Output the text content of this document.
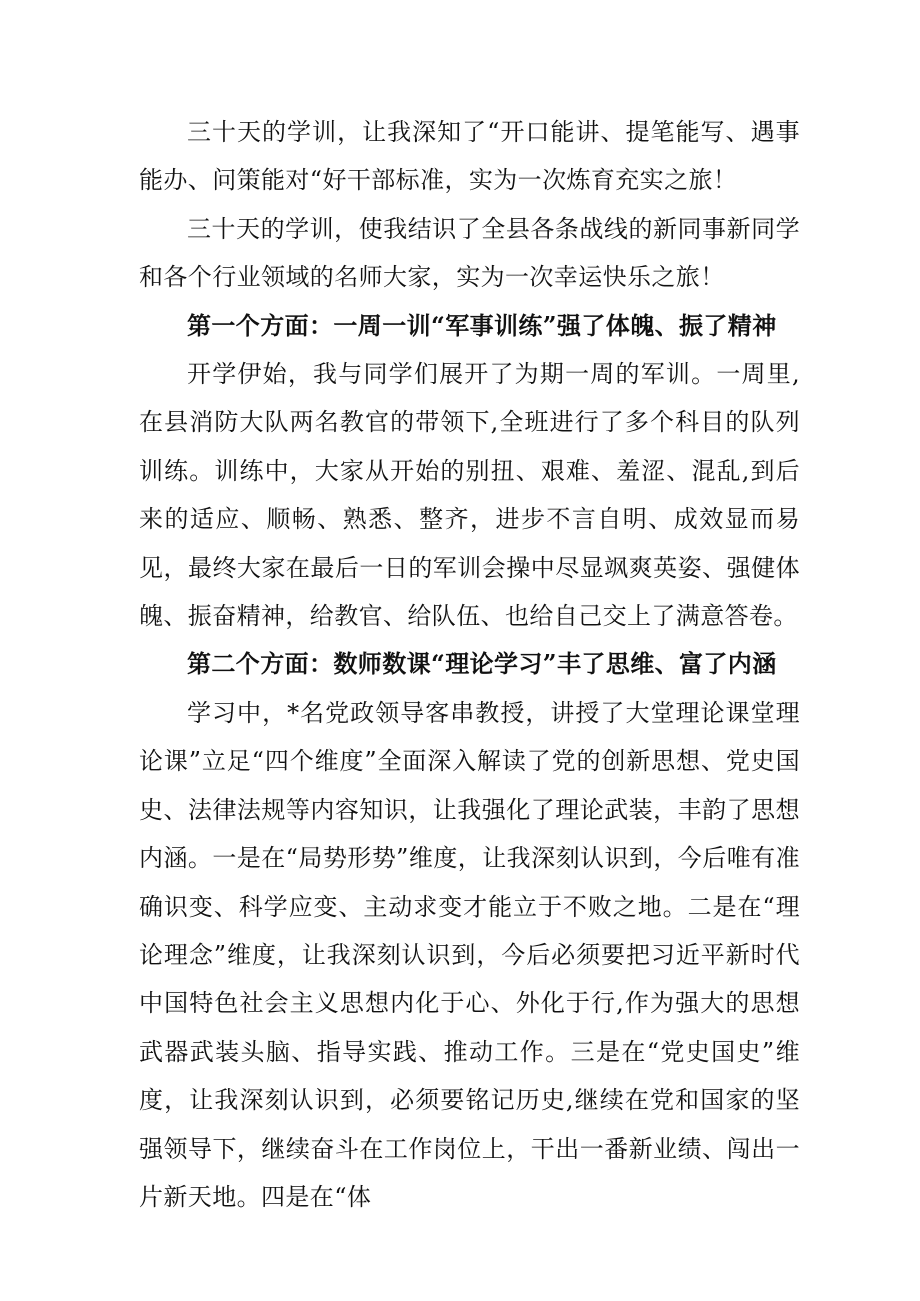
三十天的学训，让我深知了“开口能讲、提笔能写、遇事能办、问策能对“好干部标准，实为一次炼育充实之旅！

三十天的学训，使我结识了全县各条战线的新同事新同学和各个行业领域的名师大家，实为一次幸运快乐之旅！

第一个方面：一周一训“军事训练”强了体魄、振了精神

开学伊始，我与同学们展开了为期一周的军训。一周里,在县消防大队两名教官的带领下,全班进行了多个科目的队列训练。训练中，大家从开始的别扭、艰难、羞涩、混乱,到后来的适应、顺畅、熟悉、整齐，进步不言自明、成效显而易见，最终大家在最后一日的军训会操中尽显飒爽英姿、强健体魄、振奋精神，给教官、给队伍、也给自己交上了满意答卷。

第二个方面：数师数课“理论学习”丰了思维、富了内涵

学习中，*名党政领导客串教授，讲授了大堂理论课堂理论课”立足“四个维度”全面深入解读了党的创新思想、党史国史、法律法规等内容知识，让我强化了理论武装，丰韵了思想内涵。一是在“局势形势”维度，让我深刻认识到，今后唯有准确识变、科学应变、主动求变才能立于不败之地。二是在“理论理念”维度，让我深刻认识到，今后必须要把习近平新时代中国特色社会主义思想内化于心、外化于行,作为强大的思想武器武装头脑、指导实践、推动工作。三是在“党史国史”维度，让我深刻认识到，必须要铭记历史,继续在党和国家的坚强领导下，继续奋斗在工作岗位上，干出一番新业绩、闯出一片新天地。四是在“体
